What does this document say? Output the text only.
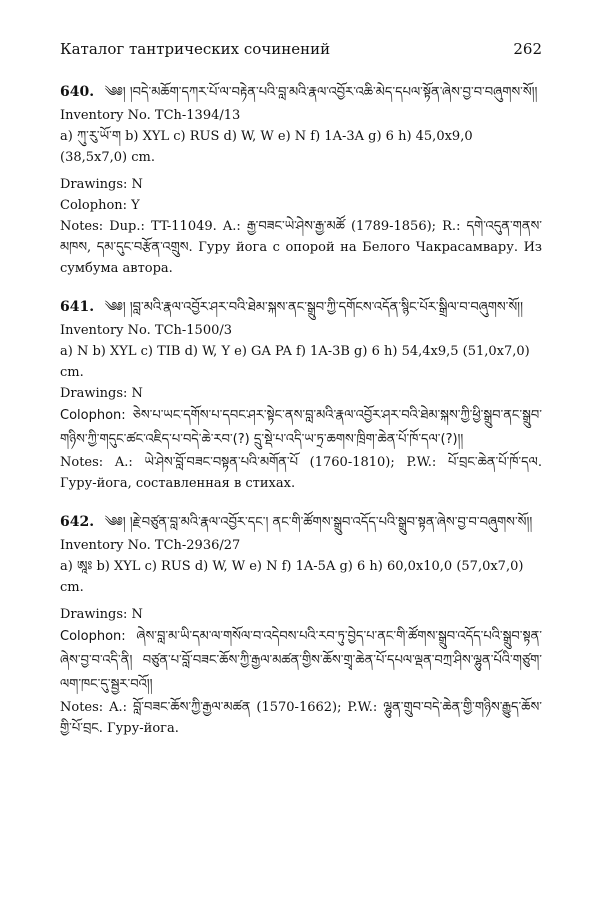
Каталог тантрических сочинений	262
640. ༄༅། །བདེ་མཆོག་དཀར་པོ་ལ་བརྟེན་པའི་བླ་མའི་རྣལ་འབྱོར་འཆི་མེད་དཔལ་སྟོན་ཞེས་བྱ་བ་བཞུགས་སོ།།
Inventory No. TCh-1394/13
a) ཀུ་རུ་ཡོ་ག b) XYL c) RUS d) W, W e) N f) 1A-3A g) 6 h) 45,0x9,0 (38,5x7,0) cm.
Drawings: N
Colophon: Y
Notes: Dup.: TT-11049. A.: རྒྱ་བཟང་ཡེ་ཤེས་རྒྱ་མཚོ (1789-1856); R.: དགེ་འདུན་གནས་མཁས, དམ་དུང་བརྩོན་འགྲུས. Гуру йога с опорой на Белого Чакрасамвару. Из сумбума автора.
641. ༄༅། །བླ་མའི་རྣལ་འབྱོར་ཤར་བའི་ཐེམ་སྐས་ནང་སྒྲུབ་ཀྱི་དགོངས་འདོན་སྙིང་པོར་སྒྲིལ་བ་བཞུགས་སོ།།
Inventory No. TCh-1500/3
a) N b) XYL c) TIB d) W, Y e) GA PA f) 1A-3B g) 6 h) 54,4x9,5 (51,0x7,0) cm.
Drawings: N
Colophon: ཅེས་པ་ཡང་དགོས་པ་དབང་ཤར་སྟེང་ནས་བླ་མའི་རྣལ་འབྱོར་ཤར་བའི་ཐེམ་སྐས་ཀྱི་ཕྱི་སྒྲུབ་ནང་སྒྲུབ་གཉིས་ཀྱི་གདུང་ཚང་འཇིད་པ་བདེ་ཆེ་རབ་(?) དྲུ་སྡེ་པ་འདི་ཡ་ཏྲ་ཆགས་ཁྲིག་ཆེན་པོ་ཁོ་དལ་(?)།།
Notes: A.: ཡེ་ཤེས་བློ་བཟང་བསྟན་པའི་མགོན་པོ (1760-1810); P.W.: པོ་བྲང་ཆེན་པོ་ཁོ་དལ. Гуру-йога, составленная в стихах.
642. ༄༅། །རྗེ་བཙུན་བླ་མའི་རྣལ་འབྱོར་དང་། ནང་གི་ཚོགས་སྒྲུབ་འདོད་པའི་སྒྲུབ་སྟན་ཞེས་བྱ་བ་བཞུགས་སོ།།
Inventory No. TCh-2936/27
a) ཨཱཿ b) XYL c) RUS d) W, W e) N f) 1A-5A g) 6 h) 60,0x10,0 (57,0x7,0) cm.
Drawings: N
Colophon: ཞེས་བླ་མ་ཡི་དམ་ལ་གསོལ་བ་འདེབས་པའི་རབ་ཏུ་བྱེད་པ་ནང་གི་ཚོགས་སྒྲུབ་འདོད་པའི་སྒྲུབ་སྟན་ཞེས་བྱ་བ་འདི་ནི། བཙུན་པ་བློ་བཟང་ཆོས་ཀྱི་རྒྱལ་མཚན་གྱིས་ཆོས་གྲྭ་ཆེན་པོ་དཔལ་ལྡན་བཀྲ་ཤིས་ལྷུན་པོའི་གཙུག་ལག་ཁང་དུ་སྦྱར་བའོ།།
Notes: A.: བློ་བཟང་ཆོས་ཀྱི་རྒྱལ་མཚན (1570-1662); P.W.: ལྷུན་གྲུབ་བདེ་ཆེན་གྱི་གཉིས་རྒྱུད་ཆོས་གྱི་པོ་བྲང. Гуру-йога.
